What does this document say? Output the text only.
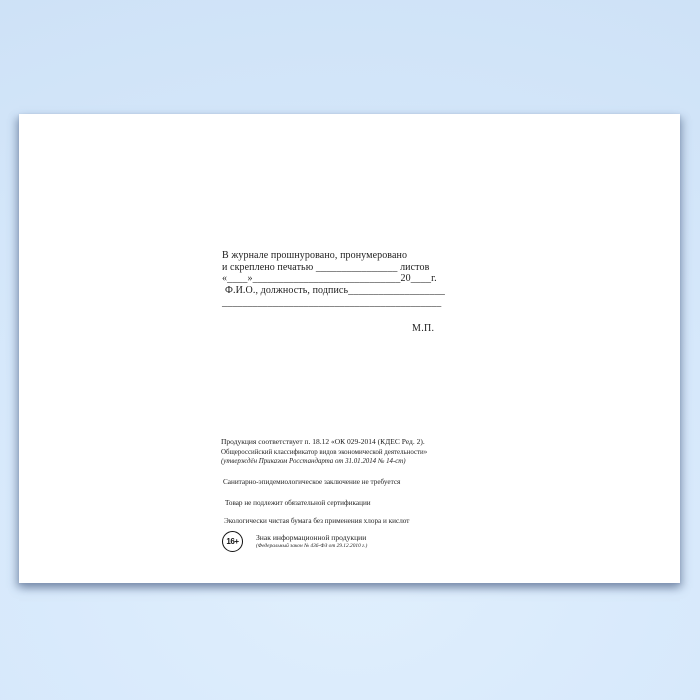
В журнале прошнуровано, пронумеровано
и скреплено печатью ________________ листов
«____»_____________________________20____г.
Ф.И.О., должность, подпись___________________
___________________________________________
М.П.
Продукция соответствует п. 18.12 «ОК 029-2014 (КДЕС Ред. 2).
Общероссийский классификатор видов экономической деятельности»
(утверждён Приказом Росстандарта от 31.01.2014 № 14-ст)
Санитарно-эпидемиологическое заключение не требуется
Товар не подлежит обязательной сертификации
Экологически чистая бумага без применения хлора и кислот
16+	Знак информационной продукции
(Федеральный закон № 436-ФЗ от 29.12.2010 г.)
